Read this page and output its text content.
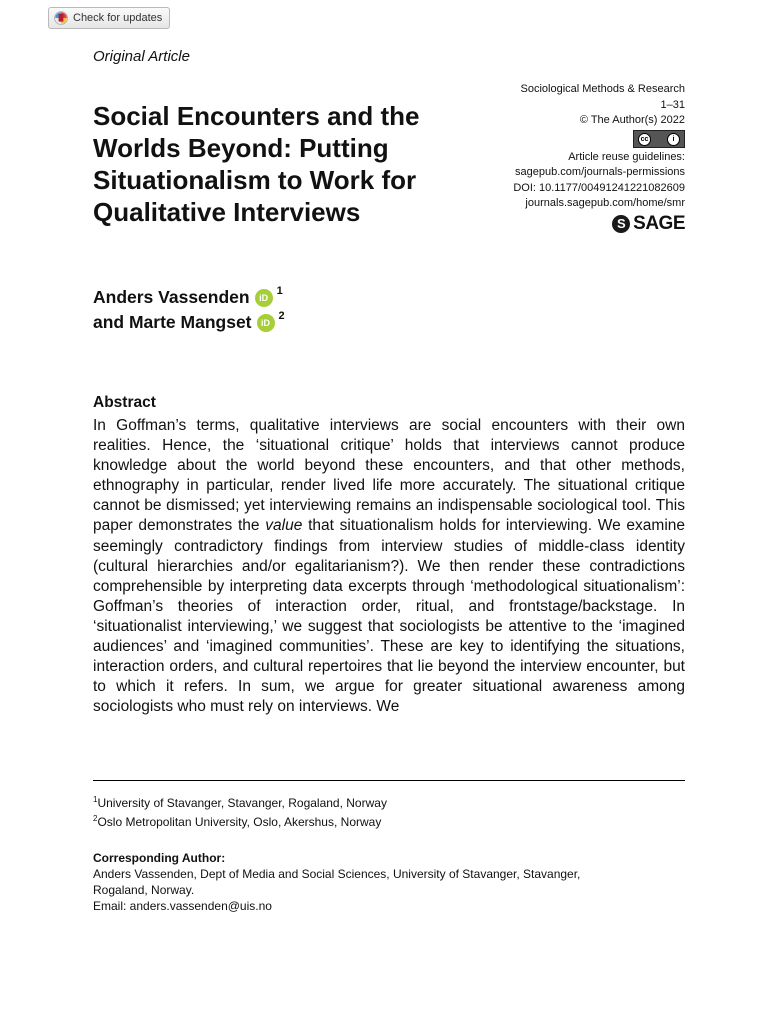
Check for updates
Original Article
Sociological Methods & Research
1–31
© The Author(s) 2022
cc	i
Article reuse guidelines:
sagepub.com/journals-permissions
DOI: 10.1177/00491241221082609
journals.sagepub.com/home/smr
S SAGE
Social Encounters and the Worlds Beyond: Putting Situationalism to Work for Qualitative Interviews
Anders Vassenden	iD
1
and Marte Mangset	iD
2
Abstract

In Goffman’s terms, qualitative interviews are social encounters with their own realities. Hence, the ‘situational critique’ holds that interviews cannot produce knowledge about the world beyond these encounters, and that other methods, ethnography in particular, render lived life more accurately. The situational critique cannot be dismissed; yet interviewing remains an indispensable sociological tool. This paper demonstrates the value that situationalism holds for interviewing. We examine seemingly contradictory findings from interview studies of middle-class identity (cultural hierarchies and/or egalitarianism?). We then render these contradictions comprehensible by interpreting data excerpts through ‘methodological situationalism’: Goffman’s theories of interaction order, ritual, and frontstage/backstage. In ‘situationalist interviewing,’ we suggest that sociologists be attentive to the ‘imagined audiences’ and ‘imagined communities’. These are key to identifying the situations, interaction orders, and cultural repertoires that lie beyond the interview encounter, but to which it refers. In sum, we argue for greater situational awareness among sociologists who must rely on interviews. We

$^1$University of Stavanger, Stavanger, Rogaland, Norway
$^2$Oslo Metropolitan University, Oslo, Akershus, Norway
Corresponding Author:
Anders Vassenden, Dept of Media and Social Sciences, University of Stavanger, Stavanger,
Rogaland, Norway.
Email: anders.vassenden@uis.no
